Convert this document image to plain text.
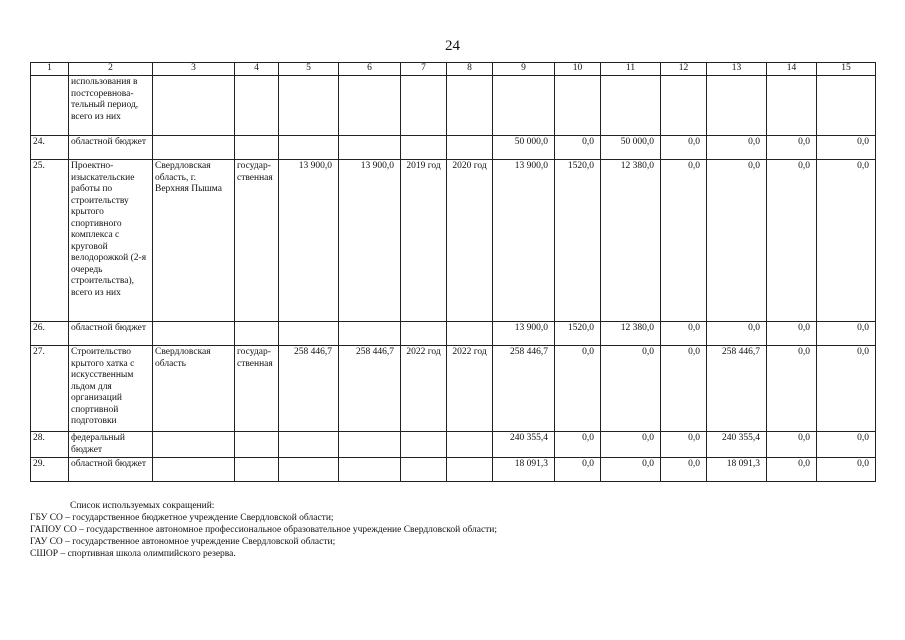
24
1	2	3	4	5	6	7	8	9	10	11	12	13	14	15
	использования в постсоревнова-тельный период, всего из них													
24.	областной бюджет							50 000,0	0,0	50 000,0	0,0	0,0	0,0	0,0
25.	Проектно-изыскательские работы по строительству крытого спортивного комплекса с круговой велодорожкой (2-я очередь строительства), всего из них	Свердловская область, г. Верхняя Пышма	государ-ственная	13 900,0	13 900,0	2019 год	2020 год	13 900,0	1520,0	12 380,0	0,0	0,0	0,0	0,0
26.	областной бюджет							13 900,0	1520,0	12 380,0	0,0	0,0	0,0	0,0
27.	Строительство крытого хатка с искусственным льдом для организаций спортивной подготовки	Свердловская область	государ-ственная	258 446,7	258 446,7	2022 год	2022 год	258 446,7	0,0	0,0	0,0	258 446,7	0,0	0,0
28.	федеральный бюджет							240 355,4	0,0	0,0	0,0	240 355,4	0,0	0,0
29.	областной бюджет							18 091,3	0,0	0,0	0,0	18 091,3	0,0	0,0
Список используемых сокращений:
ГБУ СО – государственное бюджетное учреждение Свердловской области;
ГАПОУ СО – государственное автономное профессиональное образовательное учреждение Свердловской области;
ГАУ СО – государственное автономное учреждение Свердловской области;
СШОР – спортивная школа олимпийского резерва.
